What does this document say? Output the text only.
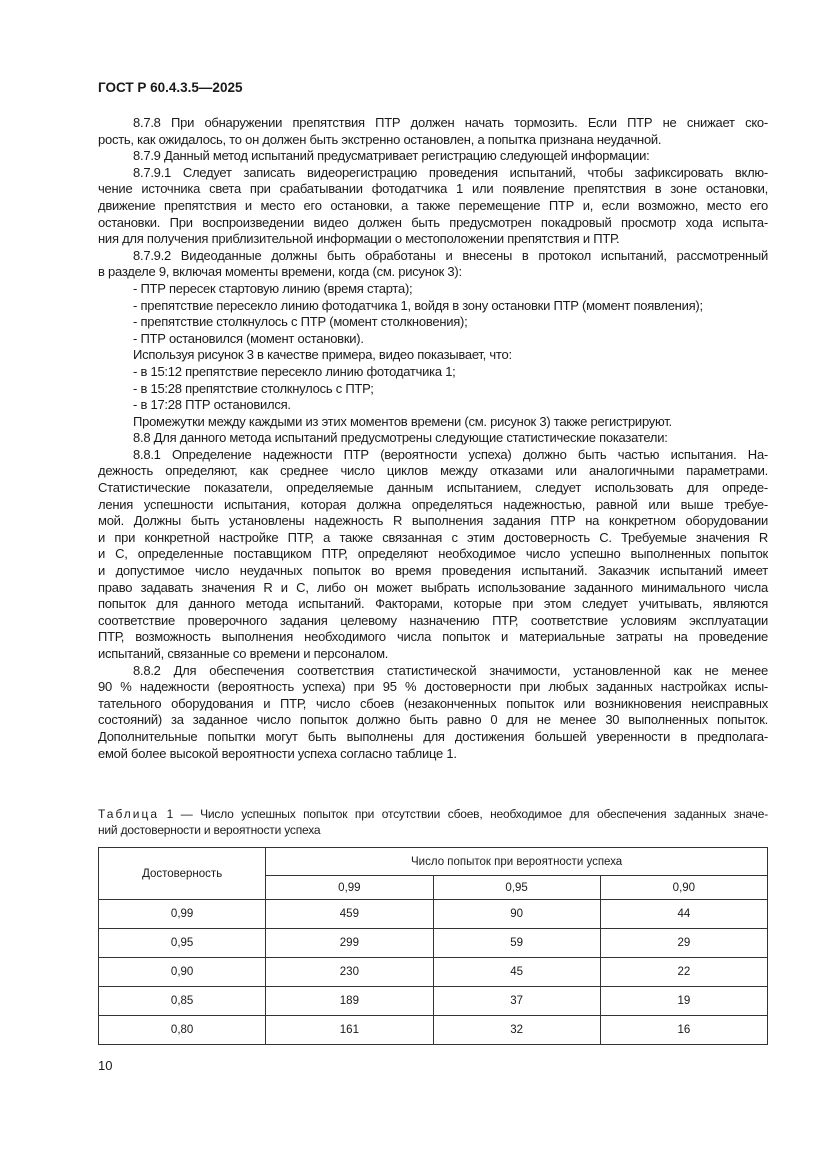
ГОСТ Р 60.4.3.5—2025
8.7.8 При обнаружении препятствия ПТР должен начать тормозить. Если ПТР не снижает ско-
рость, как ожидалось, то он должен быть экстренно остановлен, а попытка признана неудачной.
8.7.9 Данный метод испытаний предусматривает регистрацию следующей информации:
8.7.9.1 Следует записать видеорегистрацию проведения испытаний, чтобы зафиксировать вклю-
чение источника света при срабатывании фотодатчика 1 или появление препятствия в зоне остановки,
движение препятствия и место его остановки, а также перемещение ПТР и, если возможно, место его
остановки. При воспроизведении видео должен быть предусмотрен покадровый просмотр хода испыта-
ния для получения приблизительной информации о местоположении препятствия и ПТР.
8.7.9.2 Видеоданные должны быть обработаны и внесены в протокол испытаний, рассмотренный
в разделе 9, включая моменты времени, когда (см. рисунок 3):
- ПТР пересек стартовую линию (время старта);
- препятствие пересекло линию фотодатчика 1, войдя в зону остановки ПТР (момент появления);
- препятствие столкнулось с ПТР (момент столкновения);
- ПТР остановился (момент остановки).
Используя рисунок 3 в качестве примера, видео показывает, что:
- в 15:12 препятствие пересекло линию фотодатчика 1;
- в 15:28 препятствие столкнулось с ПТР;
- в 17:28 ПТР остановился.
Промежутки между каждыми из этих моментов времени (см. рисунок 3) также регистрируют.
8.8 Для данного метода испытаний предусмотрены следующие статистические показатели:
8.8.1 Определение надежности ПТР (вероятности успеха) должно быть частью испытания. На-
дежность определяют, как среднее число циклов между отказами или аналогичными параметрами.
Статистические показатели, определяемые данным испытанием, следует использовать для опреде-
ления успешности испытания, которая должна определяться надежностью, равной или выше требуе-
мой. Должны быть установлены надежность R выполнения задания ПТР на конкретном оборудовании
и при конкретной настройке ПТР, а также связанная с этим достоверность C. Требуемые значения R
и C, определенные поставщиком ПТР, определяют необходимое число успешно выполненных попыток
и допустимое число неудачных попыток во время проведения испытаний. Заказчик испытаний имеет
право задавать значения R и C, либо он может выбрать использование заданного минимального числа
попыток для данного метода испытаний. Факторами, которые при этом следует учитывать, являются
соответствие проверочного задания целевому назначению ПТР, соответствие условиям эксплуатации
ПТР, возможность выполнения необходимого числа попыток и материальные затраты на проведение
испытаний, связанные со времени и персоналом.
8.8.2 Для обеспечения соответствия статистической значимости, установленной как не менее
90 % надежности (вероятность успеха) при 95 % достоверности при любых заданных настройках испы-
тательного оборудования и ПТР, число сбоев (незаконченных попыток или возникновения неисправных
состояний) за заданное число попыток должно быть равно 0 для не менее 30 выполненных попыток.
Дополнительные попытки могут быть выполнены для достижения большей уверенности в предполага-
емой более высокой вероятности успеха согласно таблице 1.
Таблица 1 — Число успешных попыток при отсутствии сбоев, необходимое для обеспечения заданных значе-
ний достоверности и вероятности успеха
Достоверность	Число попыток при вероятности успеха		
	0,99	0,95	0,90
0,99	459	90	44
0,95	299	59	29
0,90	230	45	22
0,85	189	37	19
0,80	161	32	16
10
